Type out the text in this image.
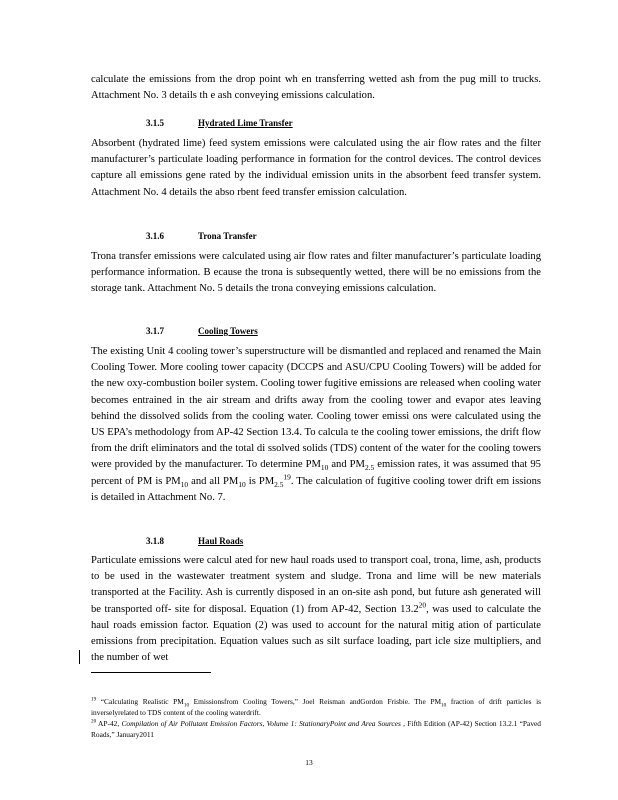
calculate the emissions from the drop point wh en transferring wetted ash from the pug mill to trucks. Attachment No. 3 details th e ash conveying emissions calculation.

3.1.5	Hydrated Lime Transfer

Absorbent (hydrated lime) feed system emissions were calculated using the air flow rates and the filter manufacturer’s particulate loading performance in formation for the control devices. The control devices capture all emissions gene rated by the individual emission units in the absorbent feed transfer system. Attachment No. 4 details the abso rbent feed transfer emission calculation.

3.1.6	Trona Transfer

Trona transfer emissions were calculated using air flow rates and filter manufacturer’s particulate loading performance information. B ecause the trona is subsequently wetted, there will be no emissions from the storage tank. Attachment No. 5 details the trona conveying emissions calculation.

3.1.7	Cooling Towers

The existing Unit 4 cooling tower’s superstructure will be dismantled and replaced and renamed the Main Cooling Tower. More cooling tower capacity (DCCPS and ASU/CPU Cooling Towers) will be added for the new oxy-combustion boiler system. Cooling tower fugitive emissions are released when cooling water becomes entrained in the air stream and drifts away from the cooling tower and evapor ates leaving behind the dissolved solids from the cooling water. Cooling tower emissi ons were calculated using the US EPA’s methodology from AP-42 Section 13.4. To calcula te the cooling tower emissions, the drift flow from the drift eliminators and the total di ssolved solids (TDS) content of the water for the cooling towers were provided by the manufacturer. To determine $PM_{10}$ and $PM_{2.5}$ emission rates, it was assumed that 95 percent of PM is $PM_{10}$ and all $PM_{10}$ is $PM_{2.5}^{19}$. The calculation of fugitive cooling tower drift em issions is detailed in Attachment No. 7.

3.1.8	Haul Roads

Particulate emissions were calcul ated for new haul roads used to transport coal, trona, lime, ash, products to be used in the wastewater treatment system and sludge. Trona and lime will be new materials transported at the Facility. Ash is currently disposed in an on-site ash pond, but future ash generated will be transported off- site for disposal. Equation (1) from AP-42, Section 13.2$^{20}$, was used to calculate the haul roads emission factor. Equation (2) was used to account for the natural mitig ation of particulate emissions from precipitation. Equation values such as silt surface loading, part icle size multipliers, and the number of wet

$^{19}$ “Calculating Realistic $PM_{10}$ Emissionsfrom Cooling Towers,” Joel Reisman andGordon Frisbie. The $PM_{10}$ fraction of drift particles is inverselyrelated to TDS content of the cooling waterdrift.

$^{20}$ AP-42, Compilation of Air Pollutant Emission Factors, Volume 1: StationaryPoint and Area Sources , Fifth Edition (AP-42) Section 13.2.1 “Paved Roads,” January2011

13
